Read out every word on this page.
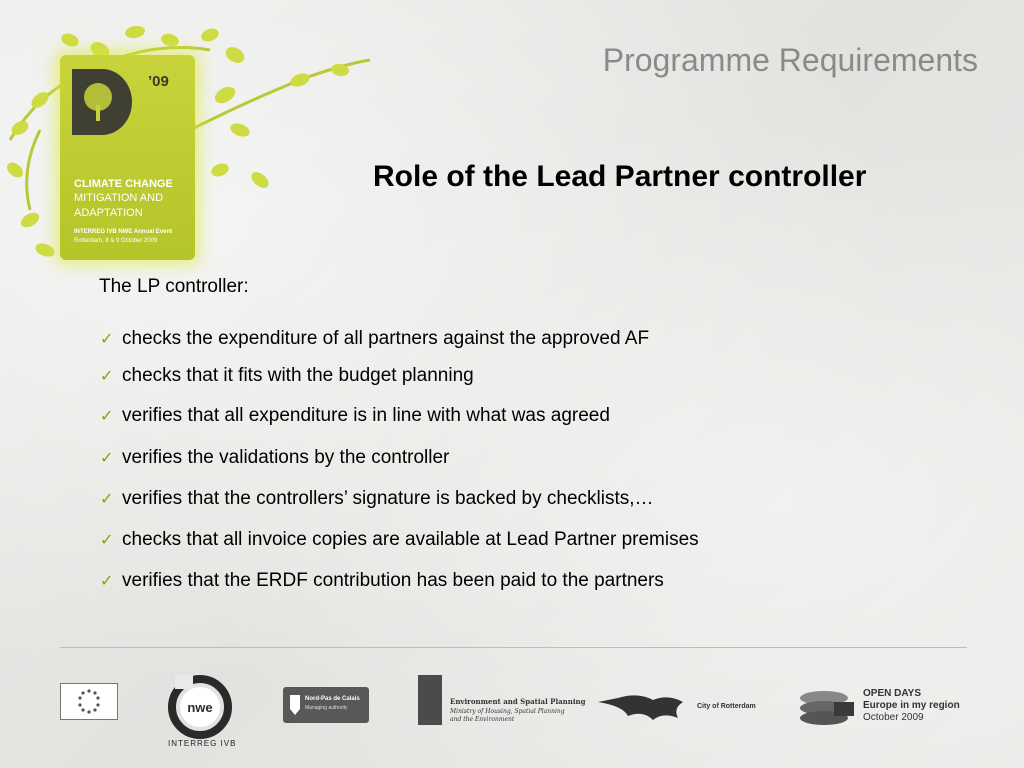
’09
CLIMATE CHANGE
MITIGATION AND
ADAPTATION
INTERREG IVB NWE Annual Event
Rotterdam, 8 & 9 October 2009
Programme Requirements
Role of the Lead Partner controller
The LP controller:
✓ checks the expenditure of all partners against the approved AF
✓ checks that it fits with the budget planning
✓ verifies that all expenditure is in line with what was agreed
✓ verifies the validations by the controller
✓ verifies that the controllers’ signature is backed by checklists,…
✓ checks that all invoice copies are available at Lead Partner premises
✓ verifies that the ERDF contribution has been paid to the partners
nwe
INTERREG IVB
Nord-Pas de Calais
Managing authority
Environment and Spatial Planning
Ministry of Housing, Spatial Planning and the Environment
City of Rotterdam
OPEN DAYS
Europe in my region
October 2009
